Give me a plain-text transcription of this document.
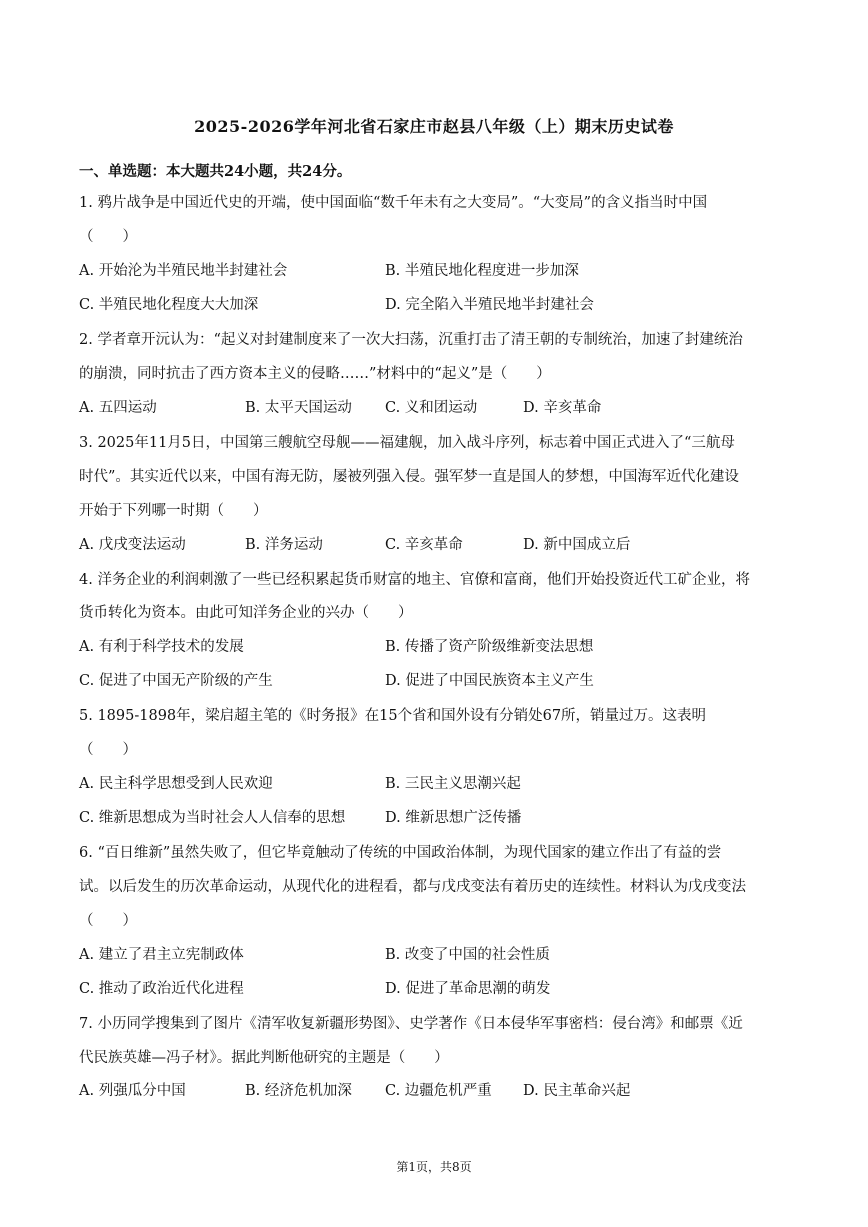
2025-2026学年河北省石家庄市赵县八年级（上）期末历史试卷
一、单选题：本大题共24小题，共24分。
1. 鸦片战争是中国近代史的开端，使中国面临“数千年未有之大变局”。“大变局”的含义指当时中国
（　　）
A. 开始沦为半殖民地半封建社会	B. 半殖民地化程度进一步加深
C. 半殖民地化程度大大加深	D. 完全陷入半殖民地半封建社会
2. 学者章开沅认为：“起义对封建制度来了一次大扫荡，沉重打击了清王朝的专制统治，加速了封建统治
的崩溃，同时抗击了西方资本主义的侵略……”材料中的“起义”是（　　）
A. 五四运动	B. 太平天国运动 C. 义和团运动	D. 辛亥革命
3. 2025年11月5日，中国第三艘航空母舰——福建舰，加入战斗序列，标志着中国正式进入了“三航母
时代”。其实近代以来，中国有海无防，屡被列强入侵。强军梦一直是国人的梦想，中国海军近代化建设
开始于下列哪一时期（　　）
A. 戊戌变法运动	B. 洋务运动	C. 辛亥革命	D. 新中国成立后
4. 洋务企业的利润刺激了一些已经积累起货币财富的地主、官僚和富商，他们开始投资近代工矿企业，将
货币转化为资本。由此可知洋务企业的兴办（　　）
A. 有利于科学技术的发展	B. 传播了资产阶级维新变法思想
C. 促进了中国无产阶级的产生	D. 促进了中国民族资本主义产生
5. 1895-1898年，梁启超主笔的《时务报》在15个省和国外设有分销处67所，销量过万。这表明
（　　）
A. 民主科学思想受到人民欢迎	B. 三民主义思潮兴起
C. 维新思想成为当时社会人人信奉的思想	D. 维新思想广泛传播
6. “百日维新”虽然失败了，但它毕竟触动了传统的中国政治体制，为现代国家的建立作出了有益的尝
试。以后发生的历次革命运动，从现代化的进程看，都与戊戌变法有着历史的连续性。材料认为戊戌变法
（　　）
A. 建立了君主立宪制政体	B. 改变了中国的社会性质
C. 推动了政治近代化进程	D. 促进了革命思潮的萌发
7. 小历同学搜集到了图片《清军收复新疆形势图》、史学著作《日本侵华军事密档：侵台湾》和邮票《近
代民族英雄—冯子材》。据此判断他研究的主题是（　　）
A. 列强瓜分中国	B. 经济危机加深 C. 边疆危机严重 D. 民主革命兴起
第1页，共8页
